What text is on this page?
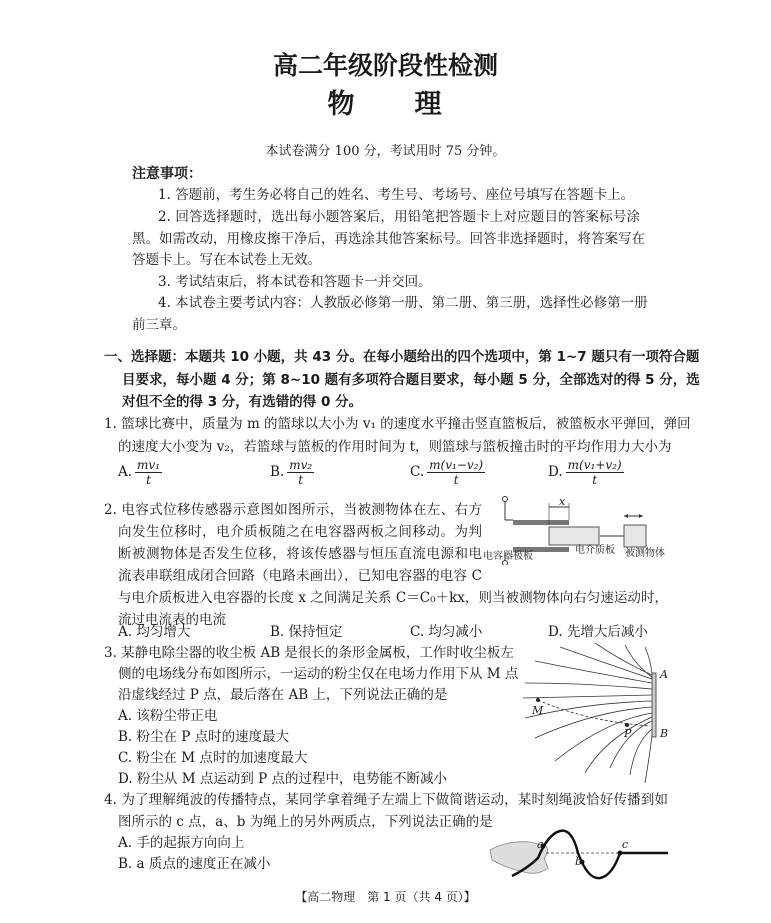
高二年级阶段性检测
物　　理
本试卷满分 100 分，考试用时 75 分钟。
注意事项：
1. 答题前，考生务必将自己的姓名、考生号、考场号、座位号填写在答题卡上。
2. 回答选择题时，选出每小题答案后，用铅笔把答题卡上对应题目的答案标号涂
黑。如需改动，用橡皮擦干净后，再选涂其他答案标号。回答非选择题时，将答案写在
答题卡上。写在本试卷上无效。
3. 考试结束后，将本试卷和答题卡一并交回。
4. 本试卷主要考试内容：人教版必修第一册、第二册、第三册，选择性必修第一册
前三章。
一、选择题：本题共 10 小题，共 43 分。在每小题给出的四个选项中，第 1~7 题只有一项符合题
目要求，每小题 4 分；第 8~10 题有多项符合题目要求，每小题 5 分，全部选对的得 5 分，选
对但不全的得 3 分，有选错的得 0 分。
1. 篮球比赛中，质量为 m 的篮球以大小为 v₁ 的速度水平撞击竖直篮板后，被篮板水平弹回，弹回
的速度大小变为 v₂，若篮球与篮板的作用时间为 t，则篮球与篮板撞击时的平均作用力大小为
A. $\frac{\text{mv₁}}{t}$	B. $\frac{\text{mv₂}}{t}$	C. $\frac{\text{m(v₁−v₂)}}{t}$	D. $\frac{\text{m(v₁+v₂)}}{t}$
2. 电容式位移传感器示意图如图所示，当被测物体在左、右方
向发生位移时，电介质板随之在电容器两板之间移动。为判
断被测物体是否发生位移，将该传感器与恒压直流电源和电
流表串联组成闭合回路（电路未画出），已知电容器的电容 C
与电介质板进入电容器的长度 x 之间满足关系 C＝C₀＋kx，则当被测物体向右匀速运动时，
流过电流表的电流
A. 均匀增大	B. 保持恒定	C. 均匀减小	D. 先增大后减小
x
电容器极板
电介质板 被测物体
3. 某静电除尘器的收尘板 AB 是很长的条形金属板，工作时收尘板左
侧的电场线分布如图所示，一运动的粉尘仅在电场力作用下从 M 点
沿虚线经过 P 点，最后落在 AB 上，下列说法正确的是
A. 该粉尘带正电
B. 粉尘在 P 点时的速度最大
C. 粉尘在 M 点时的加速度最大
D. 粉尘从 M 点运动到 P 点的过程中，电势能不断减小
A
B
M
P
4. 为了理解绳波的传播特点，某同学拿着绳子左端上下做简谐运动，某时刻绳波恰好传播到如
图所示的 c 点，a、b 为绳上的另外两质点，下列说法正确的是
A. 手的起振方向向上
B. a 质点的速度正在减小
a
b
c
【高二物理　第 1 页（共 4 页）】
